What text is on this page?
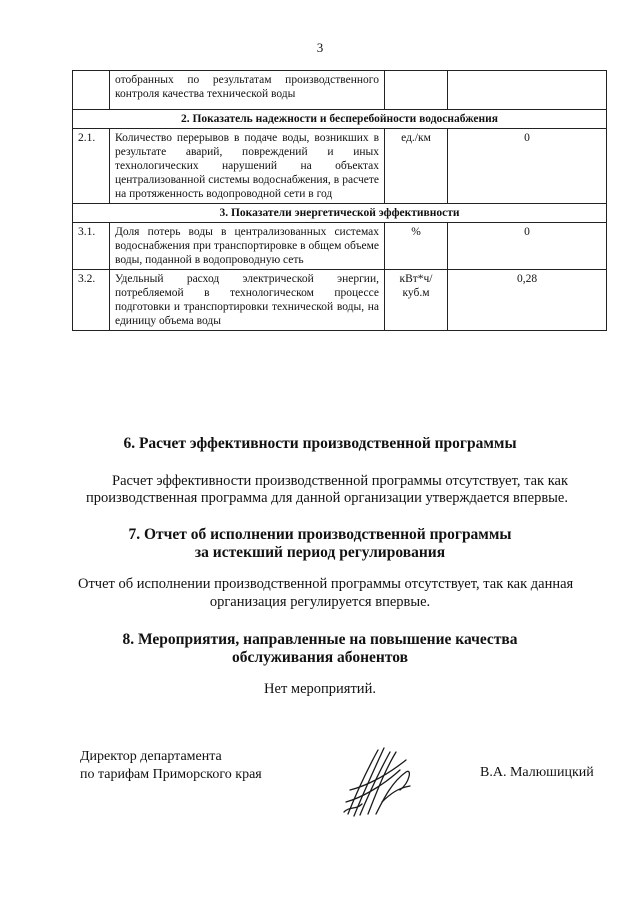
3
	отобранных по результатам производственного контроля качества технической воды		
2. Показатель надежности и бесперебойности водоснабжения			
2.1.	Количество перерывов в подаче воды, возникших в результате аварий, повреждений и иных технологических нарушений на объектах централизованной системы водоснабжения, в расчете на протяженность водопроводной сети в год	ед./км	0
3. Показатели энергетической эффективности			
3.1.	Доля потерь воды в централизованных системах водоснабжения при транспортировке в общем объеме воды, поданной в водопроводную сеть	%	0
3.2.	Удельный расход электрической энергии, потребляемой в технологическом процессе подготовки и транспортировки технической воды, на единицу объема воды	кВт*ч/ куб.м	0,28
6. Расчет эффективности производственной программы
Расчет эффективности производственной программы отсутствует, так как
производственная программа для данной организации утверждается впервые.
7. Отчет об исполнении производственной программы
за истекший период регулирования
Отчет об исполнении производственной программы отсутствует, так как данная
организация регулируется впервые.
8. Мероприятия, направленные на повышение качества
обслуживания абонентов
Нет мероприятий.
Директор департамента
по тарифам Приморского края	В.А. Малюшицкий
